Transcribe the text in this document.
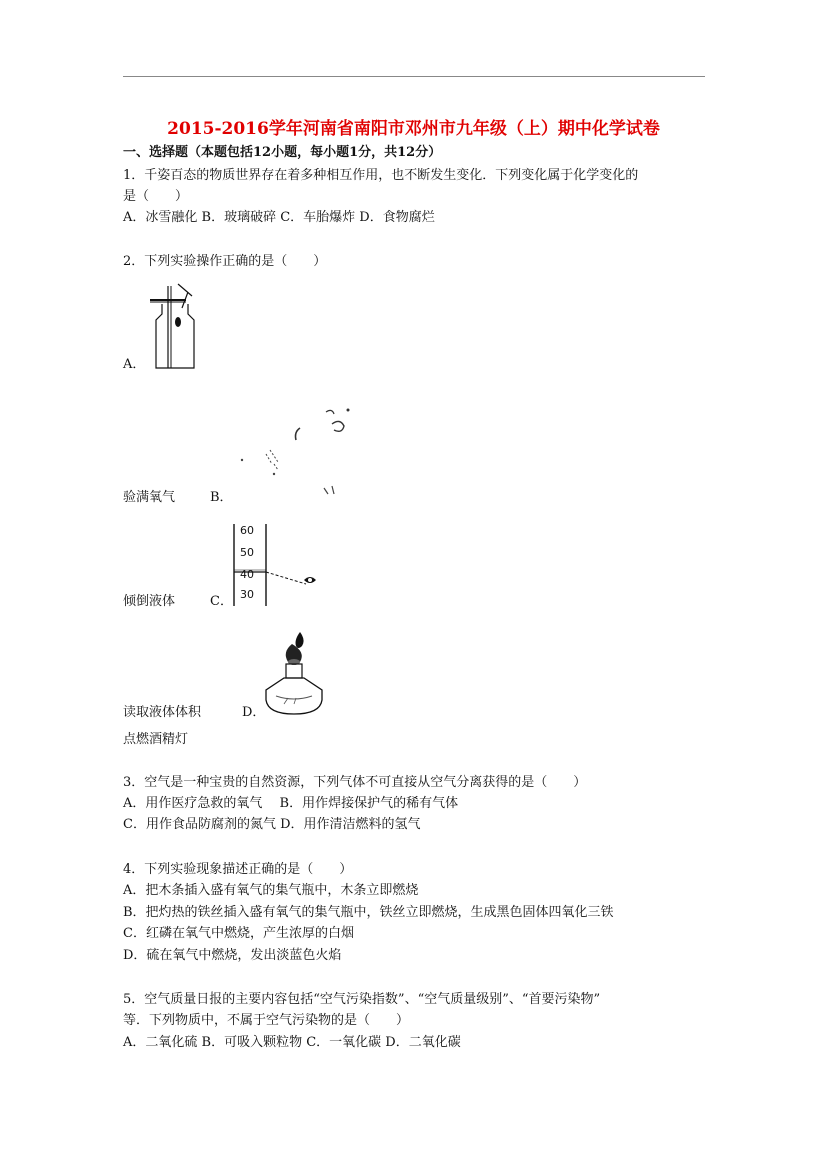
2015-2016学年河南省南阳市邓州市九年级（上）期中化学试卷
一、选择题（本题包括12小题，每小题1分，共12分）
1．千姿百态的物质世界存在着多种相互作用，也不断发生变化．下列变化属于化学变化的
是（　　）
A．冰雪融化 B．玻璃破碎 C．车胎爆炸 D．食物腐烂
2．下列实验操作正确的是（　　）
A．
验满氧气	B．
60
50
40
30
倾倒液体	C．
读取液体体积	D．
点燃酒精灯
3．空气是一种宝贵的自然资源，下列气体不可直接从空气分离获得的是（　　）
A．用作医疗急救的氧气　 B．用作焊接保护气的稀有气体
C．用作食品防腐剂的氮气 D．用作清洁燃料的氢气
4．下列实验现象描述正确的是（　　）
A．把木条插入盛有氧气的集气瓶中，木条立即燃烧
B．把灼热的铁丝插入盛有氧气的集气瓶中，铁丝立即燃烧，生成黑色固体四氧化三铁
C．红磷在氧气中燃烧，产生浓厚的白烟
D．硫在氧气中燃烧，发出淡蓝色火焰
5．空气质量日报的主要内容包括“空气污染指数”、“空气质量级别”、“首要污染物”
等．下列物质中，不属于空气污染物的是（　　）
A．二氧化硫 B．可吸入颗粒物 C．一氧化碳 D．二氧化碳
